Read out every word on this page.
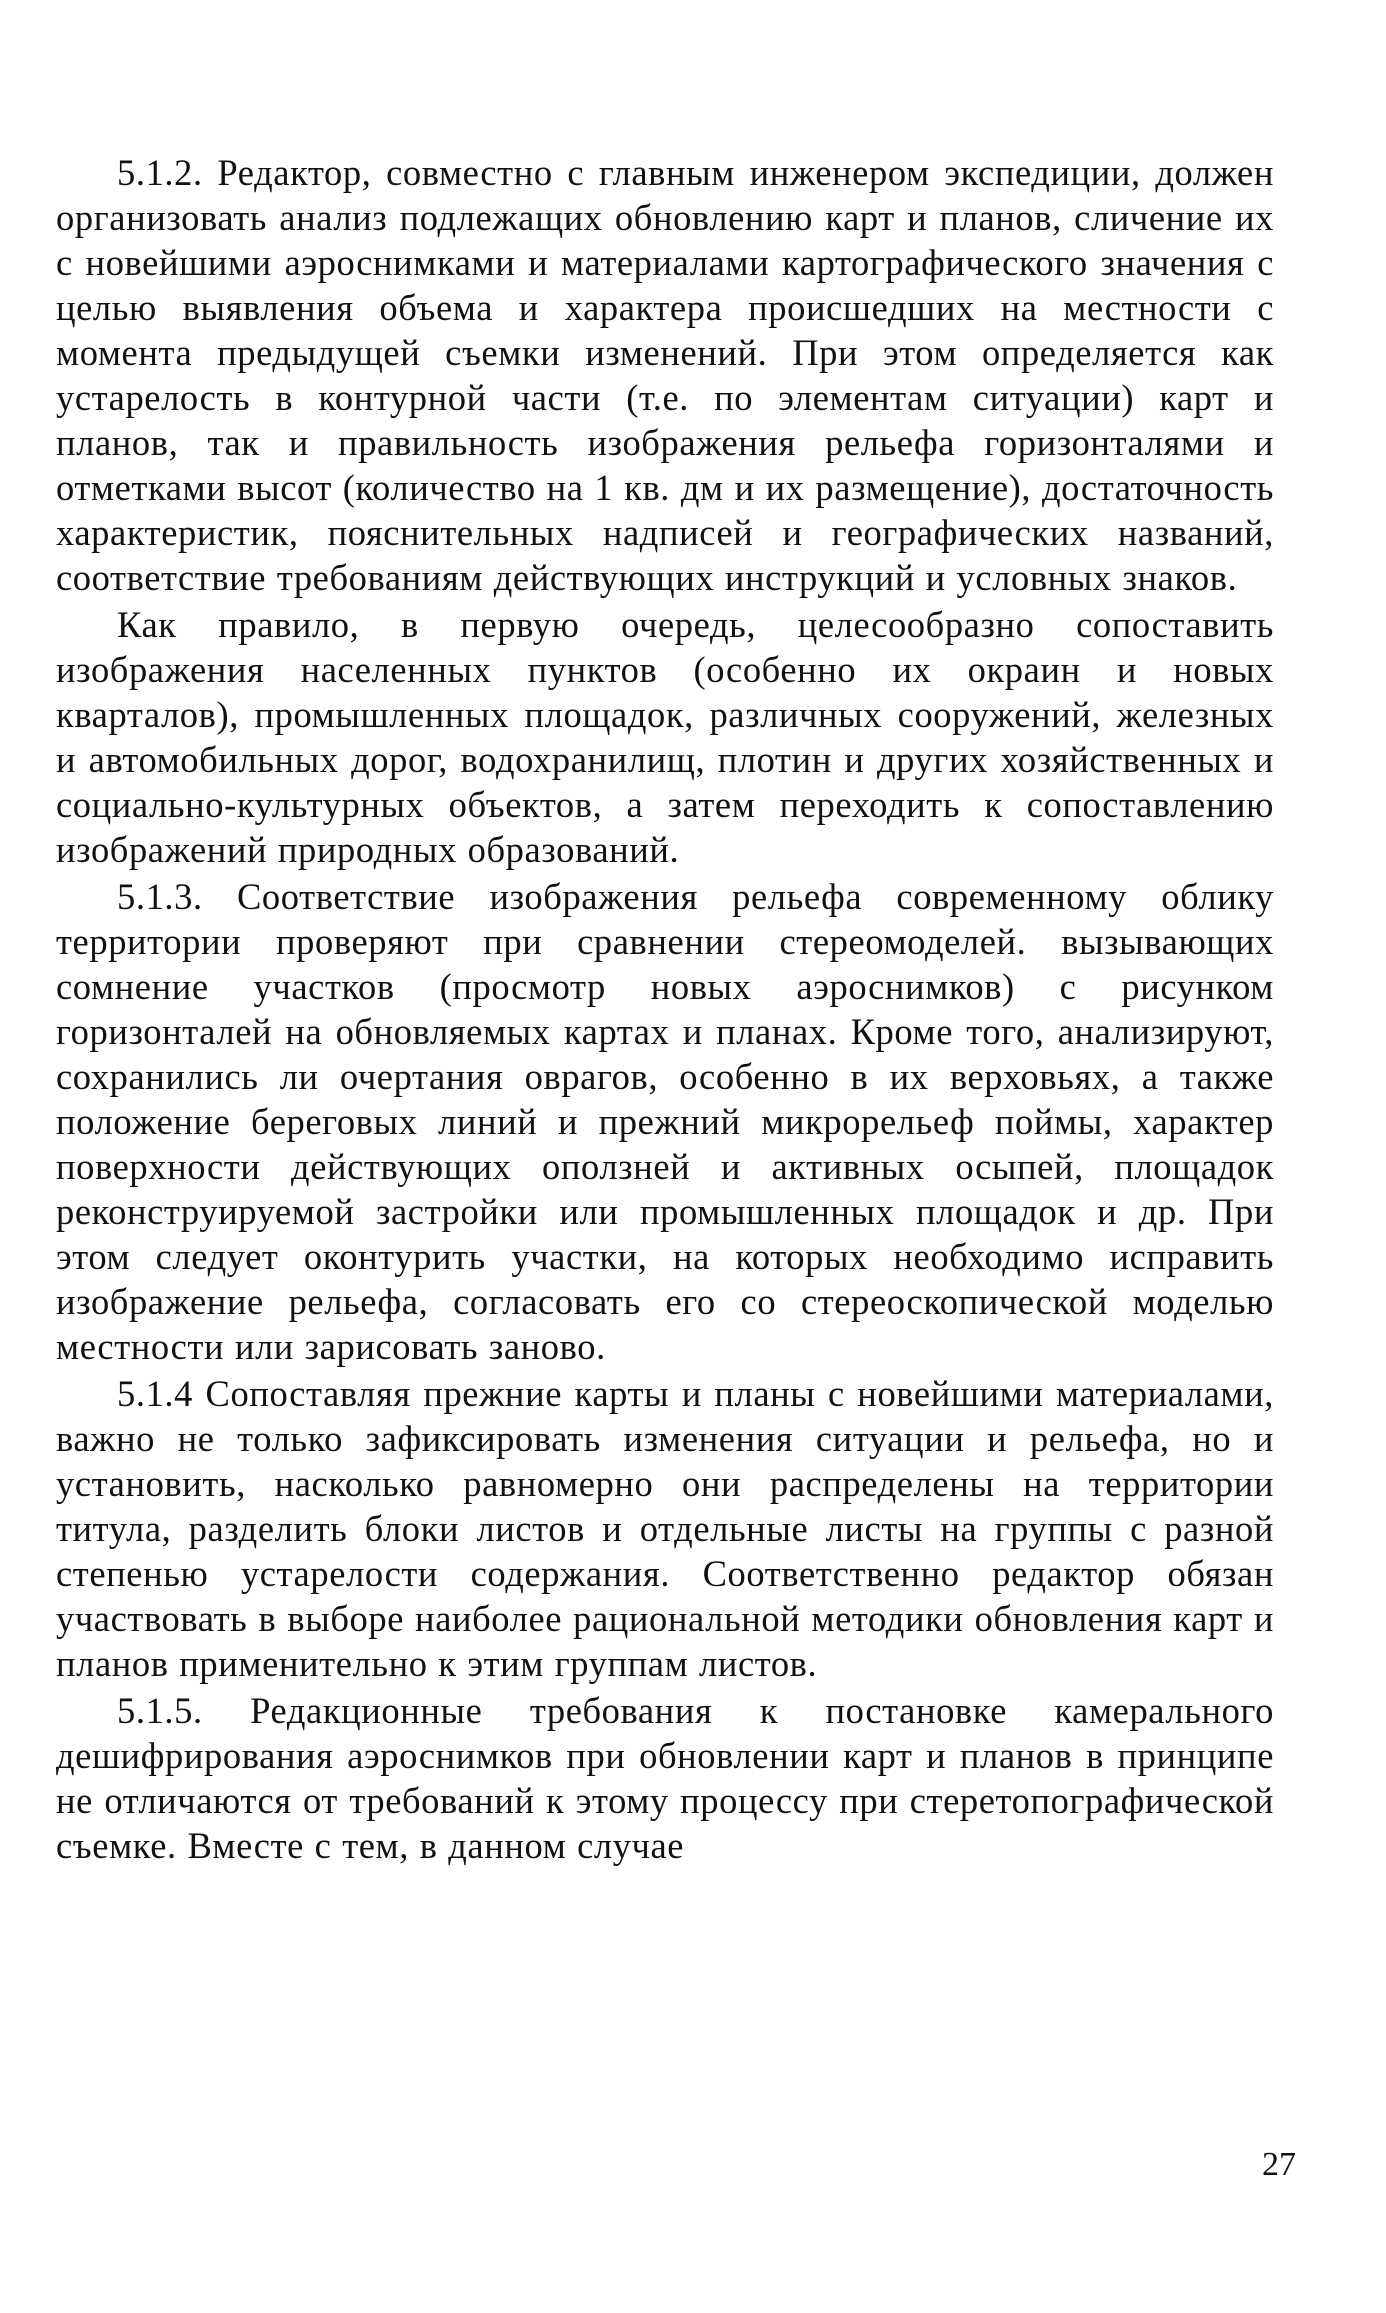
5.1.2. Редактор, совместно с главным инженером экспедиции, должен организовать анализ подлежащих обновлению карт и планов, сличение их с новейшими аэроснимками и материалами картографического значения с целью выявления объема и характера происшедших на местности с момента предыдущей съемки изменений. При этом определяется как устарелость в контурной части (т.е. по элементам ситуации) карт и планов, так и правильность изображения рельефа горизонталями и отметками высот (количество на 1 кв. дм и их размещение), достаточность характеристик, пояснительных надписей и географических названий, соответствие требованиям действующих инструкций и условных знаков.

Как правило, в первую очередь, целесообразно сопоставить изображения населенных пунктов (особенно их окраин и новых кварталов), промышленных площадок, различных сооружений, железных и автомобильных дорог, водохранилищ, плотин и других хозяйственных и социально-культурных объектов, а затем переходить к сопоставлению изображений природных образований.

5.1.3. Соответствие изображения рельефа современному облику территории проверяют при сравнении стереомоделей. вызывающих сомнение участков (просмотр новых аэроснимков) с рисунком горизонталей на обновляемых картах и планах. Кроме того, анализируют, сохранились ли очертания оврагов, особенно в их верховьях, а также положение береговых линий и прежний микрорельеф поймы, характер поверхности действующих оползней и активных осыпей, площадок реконструируемой застройки или промышленных площадок и др. При этом следует оконтурить участки, на которых необходимо исправить изображение рельефа, согласовать его со стереоскопической моделью местности или зарисовать заново.

5.1.4 Сопоставляя прежние карты и планы с новейшими материалами, важно не только зафиксировать изменения ситуации и рельефа, но и установить, насколько равномерно они распределены на территории титула, разделить блоки листов и отдельные листы на группы с разной степенью устарелости содержания. Соответственно редактор обязан участвовать в выборе наиболее рациональной методики обновления карт и планов применительно к этим группам листов.

5.1.5. Редакционные требования к постановке камерального дешифрирования аэроснимков при обновлении карт и планов в принципе не отличаются от требований к этому процессу при стеретопографической съемке. Вместе с тем, в данном случае

27
